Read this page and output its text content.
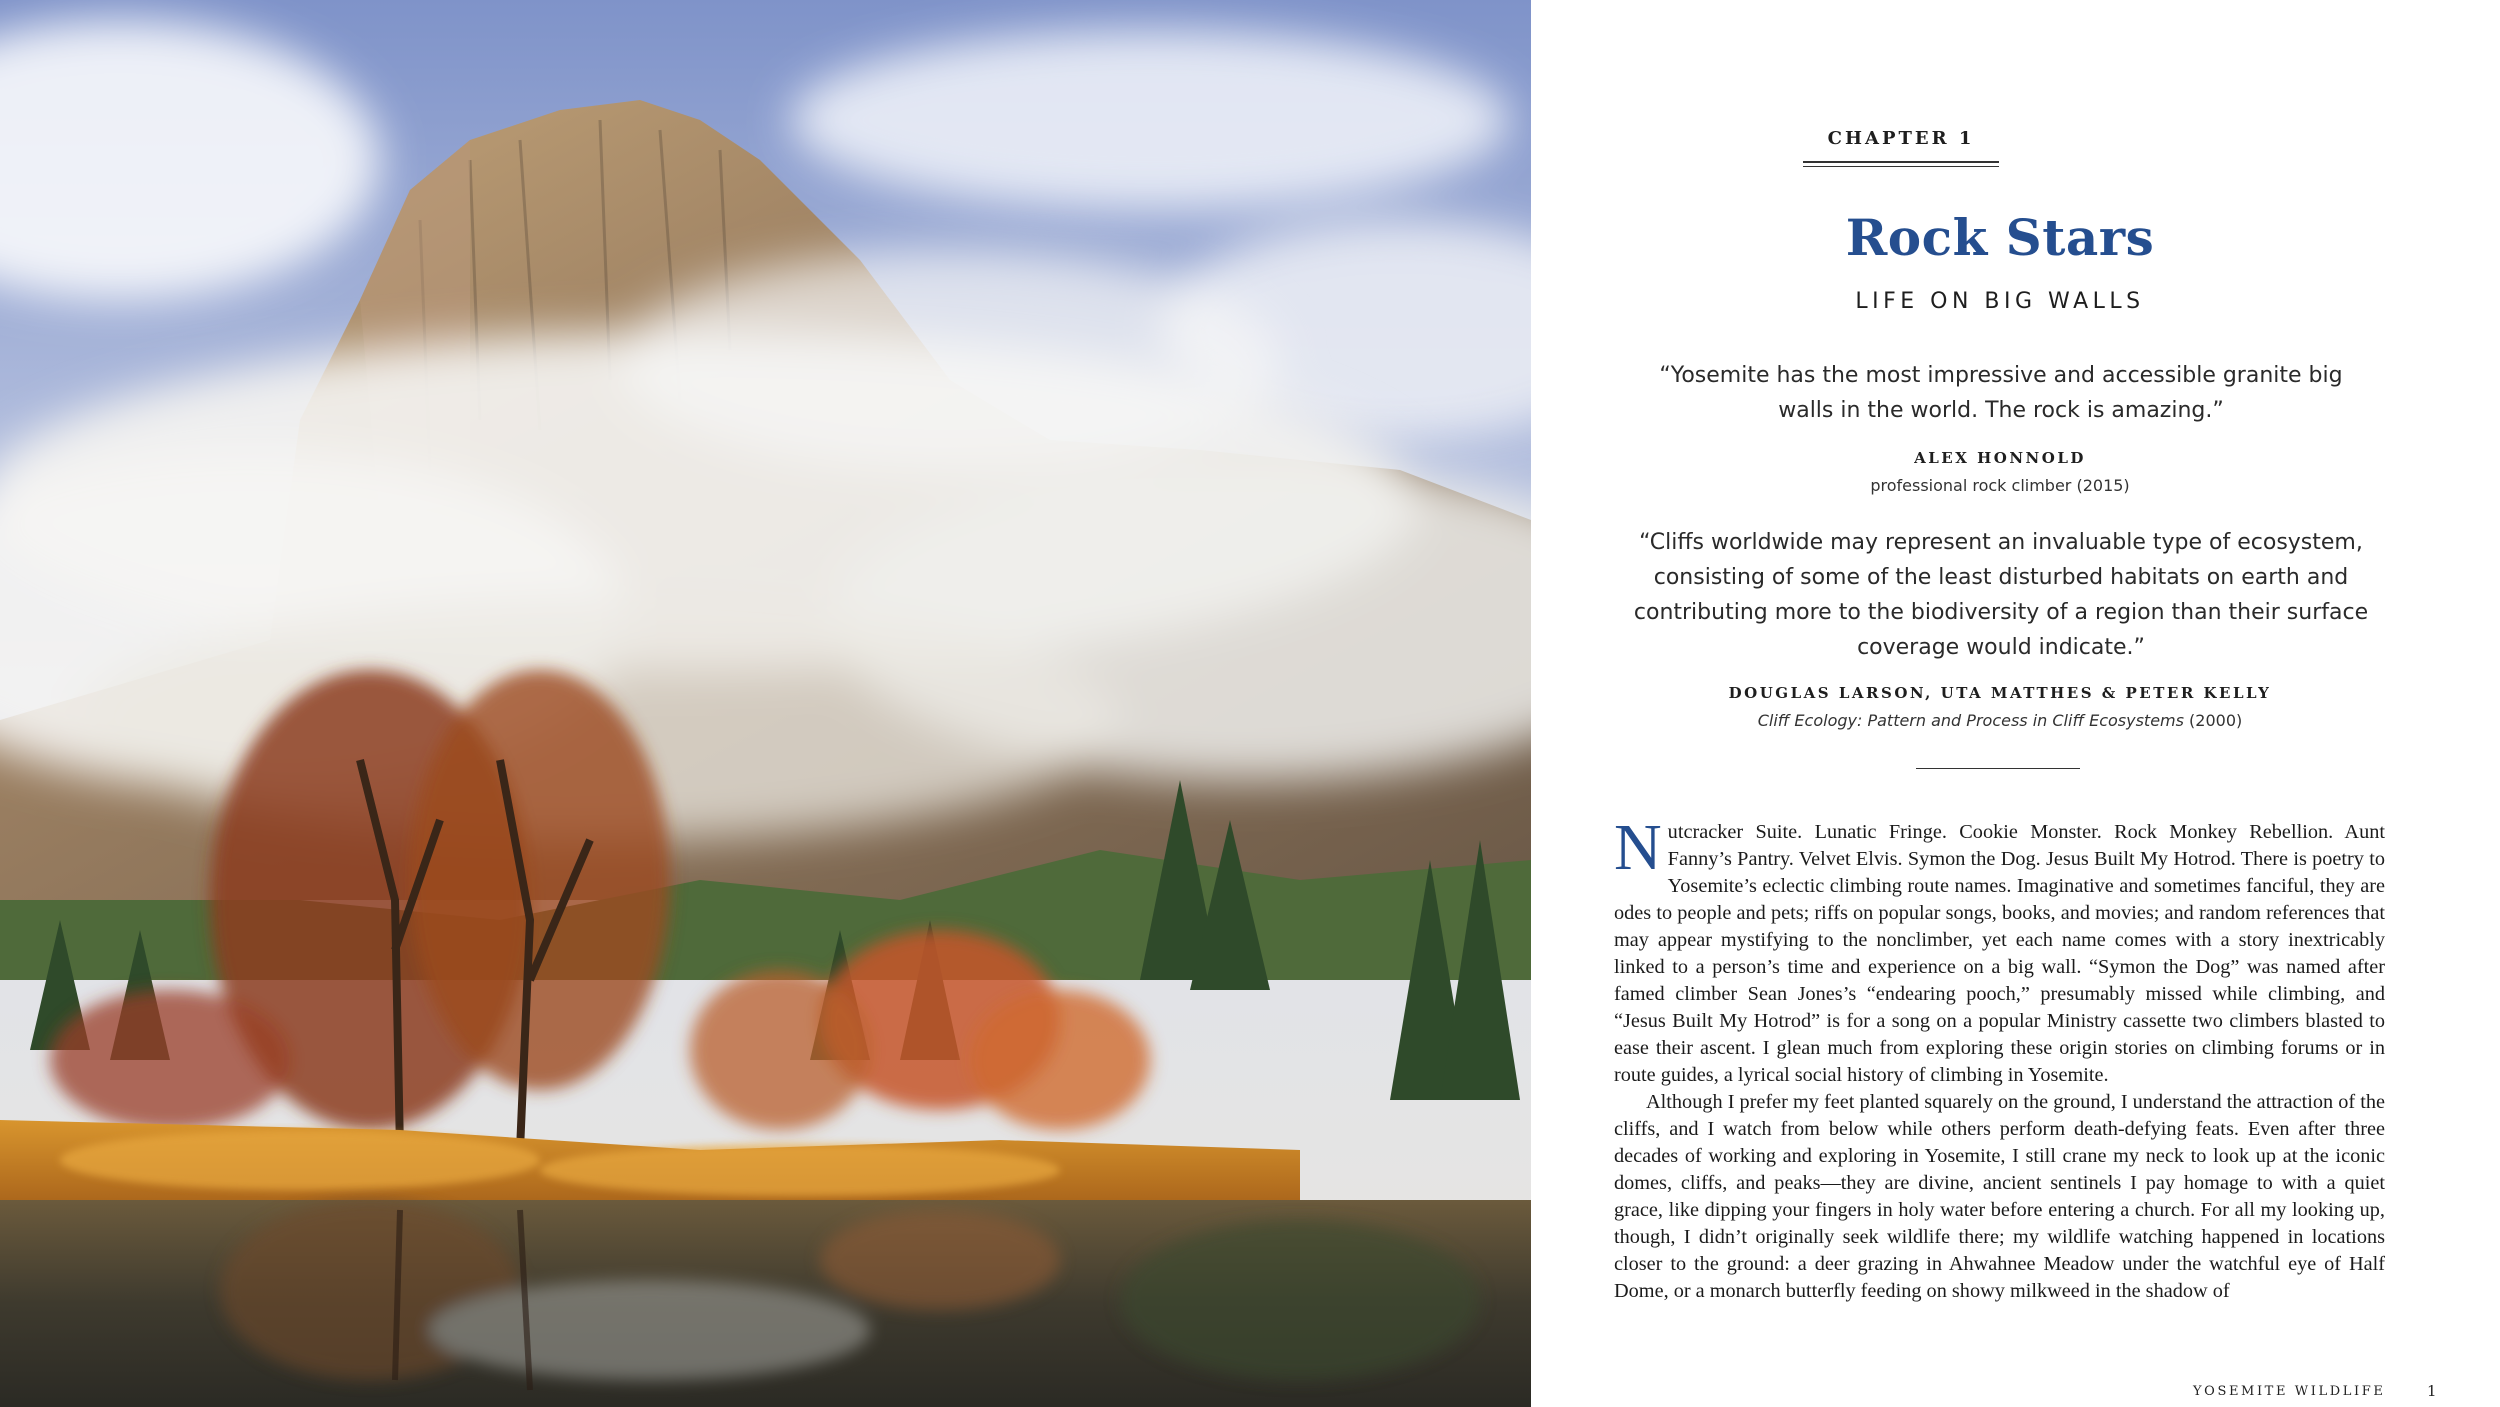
CHAPTER 1
Rock Stars
LIFE ON BIG WALLS
“Yosemite has the most impressive and accessible granite big walls in the world. The rock is amazing.”
ALEX HONNOLD
professional rock climber (2015)
“Cliffs worldwide may represent an invaluable type of ecosystem, consisting of some of the least disturbed habitats on earth and contributing more to the biodiversity of a region than their surface coverage would indicate.”
DOUGLAS LARSON, UTA MATTHES & PETER KELLY
Cliff Ecology: Pattern and Process in Cliff Ecosystems (2000)

Nutcracker Suite. Lunatic Fringe. Cookie Monster. Rock Monkey Rebellion. Aunt Fanny’s Pantry. Velvet Elvis. Symon the Dog. Jesus Built My Hotrod. There is poetry to Yosemite’s eclectic climbing route names. Imaginative and sometimes fanciful, they are odes to people and pets; riffs on popular songs, books, and movies; and random references that may appear mystifying to the nonclimber, yet each name comes with a story inextricably linked to a person’s time and experience on a big wall. “Symon the Dog” was named after famed climber Sean Jones’s “endearing pooch,” presumably missed while climbing, and “Jesus Built My Hotrod” is for a song on a popular Ministry cassette two climbers blasted to ease their ascent. I glean much from exploring these origin stories on climbing forums or in route guides, a lyrical social history of climbing in Yosemite.

Although I prefer my feet planted squarely on the ground, I understand the attraction of the cliffs, and I watch from below while others perform death-defying feats. Even after three decades of working and exploring in Yosemite, I still crane my neck to look up at the iconic domes, cliffs, and peaks—they are divine, ancient sentinels I pay homage to with a quiet grace, like dipping your fingers in holy water before entering a church. For all my looking up, though, I didn’t originally seek wildlife there; my wildlife watching happened in locations closer to the ground: a deer grazing in Ahwahnee Meadow under the watchful eye of Half Dome, or a monarch butterfly feeding on showy milkweed in the shadow of

YOSEMITE WILDLIFE	1
